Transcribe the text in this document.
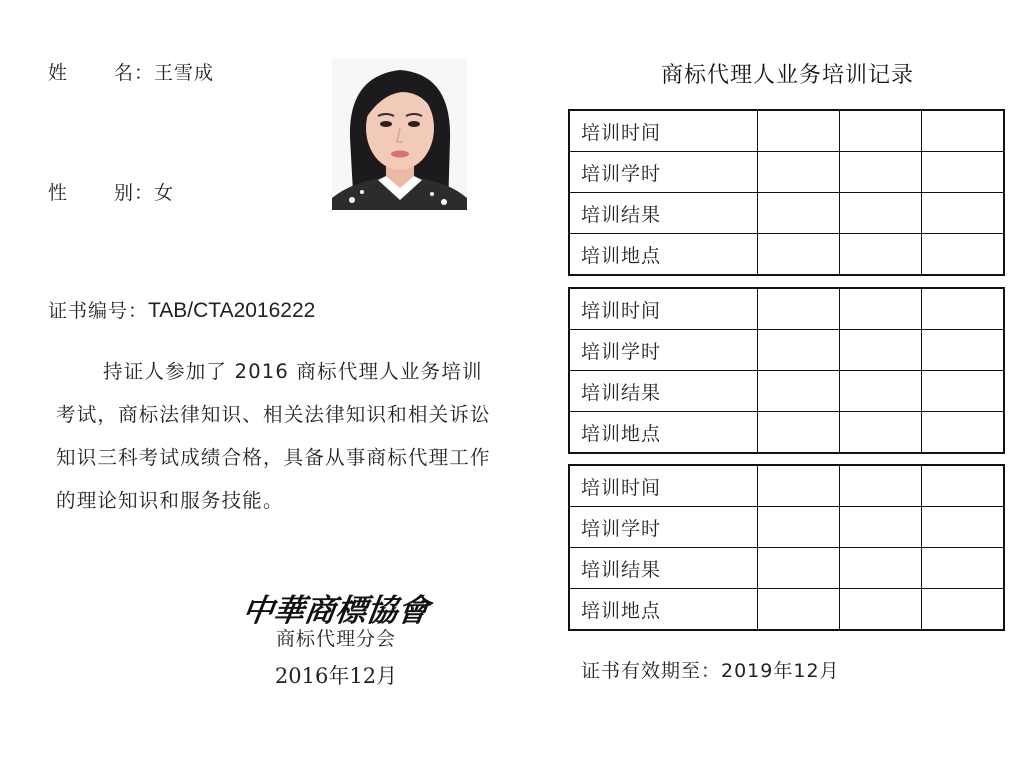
姓 名：王雪成
性 别：女
证书编号：TAB/CTA2016222

持证人参加了 2016 商标代理人业务培训考试，商标法律知识、相关法律知识和相关诉讼知识三科考试成绩合格，具备从事商标代理工作的理论知识和服务技能。

中華商標協會
商标代理分会
2016年12月
商标代理人业务培训记录
培训时间			
培训学时			
培训结果			
培训地点			
培训时间			
培训学时			
培训结果			
培训地点			
培训时间			
培训学时			
培训结果			
培训地点			
证书有效期至：2019年12月
